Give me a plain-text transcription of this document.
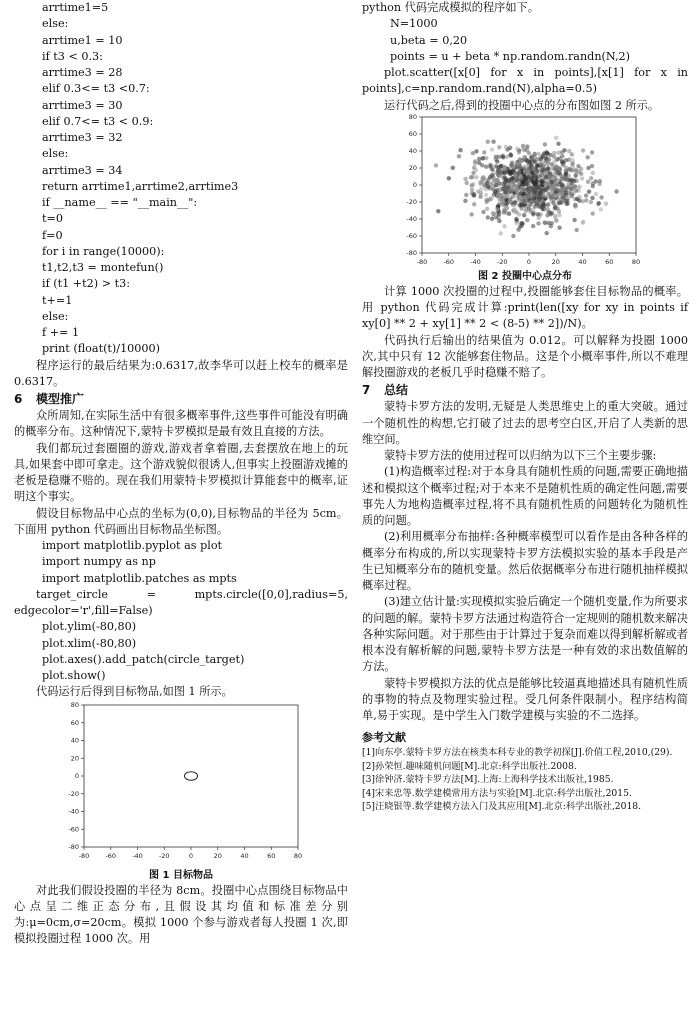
arrtime1=5
else:
arrtime1 = 10
if t3 < 0.3:
arrtime3 = 28
elif 0.3<= t3 <0.7:
arrtime3 = 30
elif 0.7<= t3 < 0.9:
arrtime3 = 32
else:
arrtime3 = 34
return arrtime1,arrtime2,arrtime3
if __name__ == "__main__":
t=0
f=0
for i in range(10000):
t1,t2,t3 = montefun()
if (t1 +t2) > t3:
t+=1
else:
f += 1
print (float(t)/10000)
程序运行的最后结果为:0.6317,故李华可以赶上校车的概率是 0.6317。
6 模型推广
众所周知,在实际生活中有很多概率事件,这些事件可能没有明确的概率分布。这种情况下,蒙特卡罗模拟是最有效且直接的方法。
我们都玩过套圈圈的游戏,游戏者拿着圈,去套摆放在地上的玩具,如果套中即可拿走。这个游戏貌似很诱人,但事实上投圈游戏摊的老板是稳赚不赔的。现在我们用蒙特卡罗模拟计算能套中的概率,证明这个事实。
假设目标物品中心点的坐标为(0,0),目标物品的半径为 5cm。下面用 python 代码画出目标物品坐标图。
import matplotlib.pyplot as plot
import numpy as np
import matplotlib.patches as mpts
target_circle = mpts.circle([0,0],radius=5, edgecolor='r',fill=False)
plot.ylim(-80,80)
plot.xlim(-80,80)
plot.axes().add_patch(circle_target)
plot.show()
代码运行后得到目标物品,如图 1 所示。
-80
-80
-60
-60
-40
-40
-20
-20
0
0
20
20
40
40
60
60
80
80
图 1 目标物品
对此我们假设投圈的半径为 8cm。投圈中心点围绕目标物品中心点呈二维正态分布,且假设其均值和标准差分别为:μ=0cm,σ=20cm。模拟 1000 个参与游戏者每人投圈 1 次,即模拟投圈过程 1000 次。用
python 代码完成模拟的程序如下。
N=1000
u,beta = 0,20
points = u + beta * np.random.randn(N,2)
plot.scatter([x[0] for x in points],[x[1] for x in points],c=np.random.rand(N),alpha=0.5)
运行代码之后,得到的投圈中心点的分布图如图 2 所示。
-80
-80
-60
-60
-40
-40
-20
-20
0
0
20
20
40
40
60
60
80
80
图 2 投圈中心点分布
计算 1000 次投圈的过程中,投圈能够套住目标物品的概率。用 python 代码完成计算:print(len([xy for xy in points if xy[0] ** 2 + xy[1] ** 2 < (8-5) ** 2])/N)。
代码执行后输出的结果值为 0.012。可以解释为投圈 1000 次,其中只有 12 次能够套住物品。这是个小概率事件,所以不难理解投圈游戏的老板几乎时稳赚不赔了。
7 总结
蒙特卡罗方法的发明,无疑是人类思维史上的重大突破。通过一个随机性的构想,它打破了过去的思考空白区,开启了人类新的思维空间。
蒙特卡罗方法的使用过程可以归纳为以下三个主要步骤:
(1)构造概率过程:对于本身具有随机性质的问题,需要正确地描述和模拟这个概率过程;对于本来不是随机性质的确定性问题,需要事先人为地构造概率过程,将不具有随机性质的问题转化为随机性质的问题。
(2)利用概率分布抽样:各种概率模型可以看作是由各种各样的概率分布构成的,所以实现蒙特卡罗方法模拟实验的基本手段是产生已知概率分布的随机变量。然后依据概率分布进行随机抽样模拟概率过程。
(3)建立估计量:实现模拟实验后确定一个随机变量,作为所要求的问题的解。蒙特卡罗方法通过构造符合一定规则的随机数来解决各种实际问题。对于那些由于计算过于复杂而难以得到解析解或者根本没有解析解的问题,蒙特卡罗方法是一种有效的求出数值解的方法。
蒙特卡罗模拟方法的优点是能够比较逼真地描述具有随机性质的事物的特点及物理实验过程。受几何条件限制小。程序结构简单,易于实现。是中学生入门数学建模与实验的不二选择。
参考文献
[1]向东亭.蒙特卡罗方法在核类本科专业的教学初探[J].价值工程,2010,(29).
[2]孙荣恒.趣味随机问题[M].北京:科学出版社.2008.
[3]徐钟济.蒙特卡罗方法[M].上海:上海科学技术出版社,1985.
[4]宋来忠等.数学建模常用方法与实验[M].北京:科学出版社,2015.
[5]汪晓银等.数学建模方法入门及其应用[M].北京:科学出版社,2018.
